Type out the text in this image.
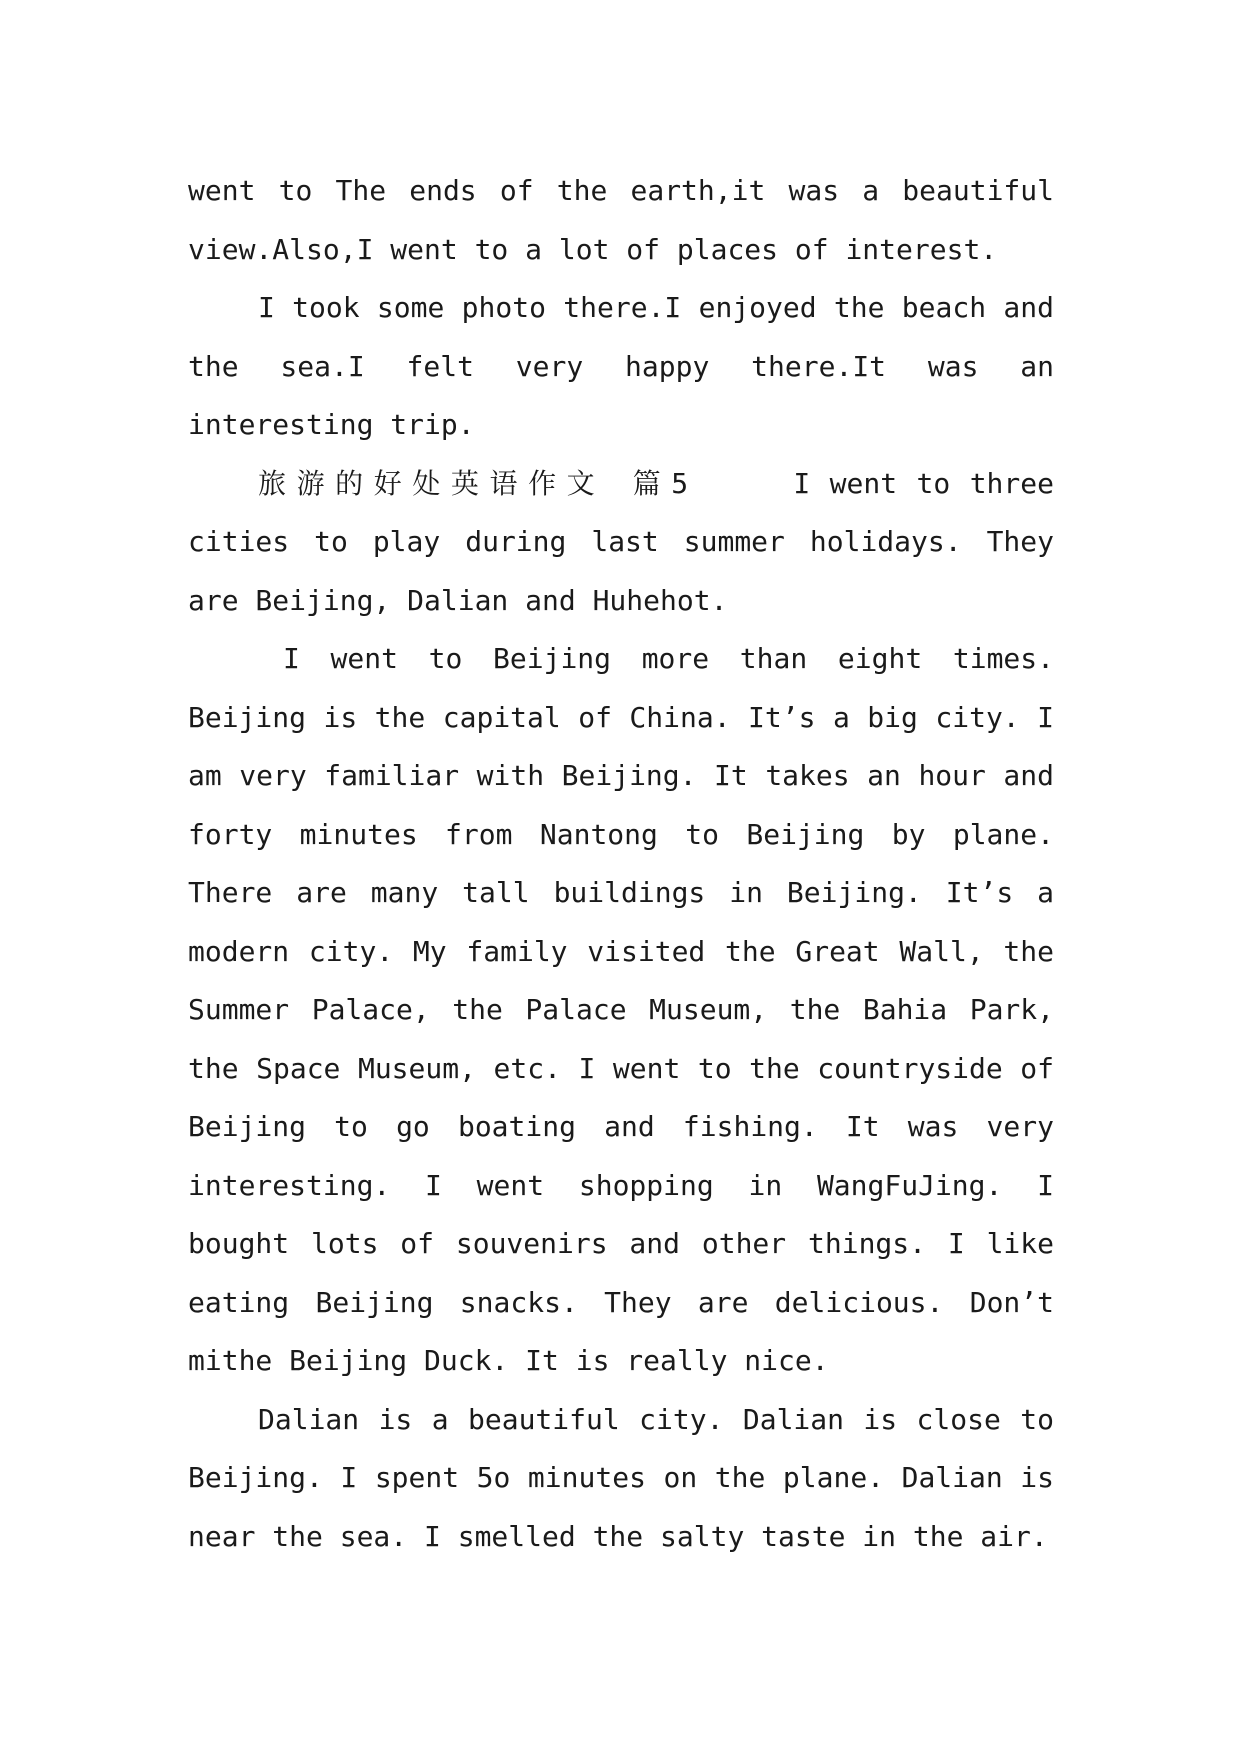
went to The ends of the earth,it was a beautiful view.Also,I went to a lot of places of interest.

I took some photo there.I enjoyed the beach and the sea.I felt very happy there.It was an interesting trip.

旅游的好处英语作文 篇5	I went to three cities to play during last summer holidays. They are Beijing, Dalian and Huhehot.

I went to Beijing more than eight times. Beijing is the capital of China. It’s a big city. I am very familiar with Beijing. It takes an hour and forty minutes from Nantong to Beijing by plane. There are many tall buildings in Beijing. It’s a modern city. My family visited the Great Wall, the Summer Palace, the Palace Museum, the Bahia Park, the Space Museum, etc. I went to the countryside of Beijing to go boating and fishing. It was very interesting. I went shopping in WangFuJing. I bought lots of souvenirs and other things. I like eating Beijing snacks. They are delicious. Don’t mithe Beijing Duck. It is really nice.

Dalian is a beautiful city. Dalian is close to Beijing. I spent 5o minutes on the plane. Dalian is near the sea. I smelled the salty taste in the air.
